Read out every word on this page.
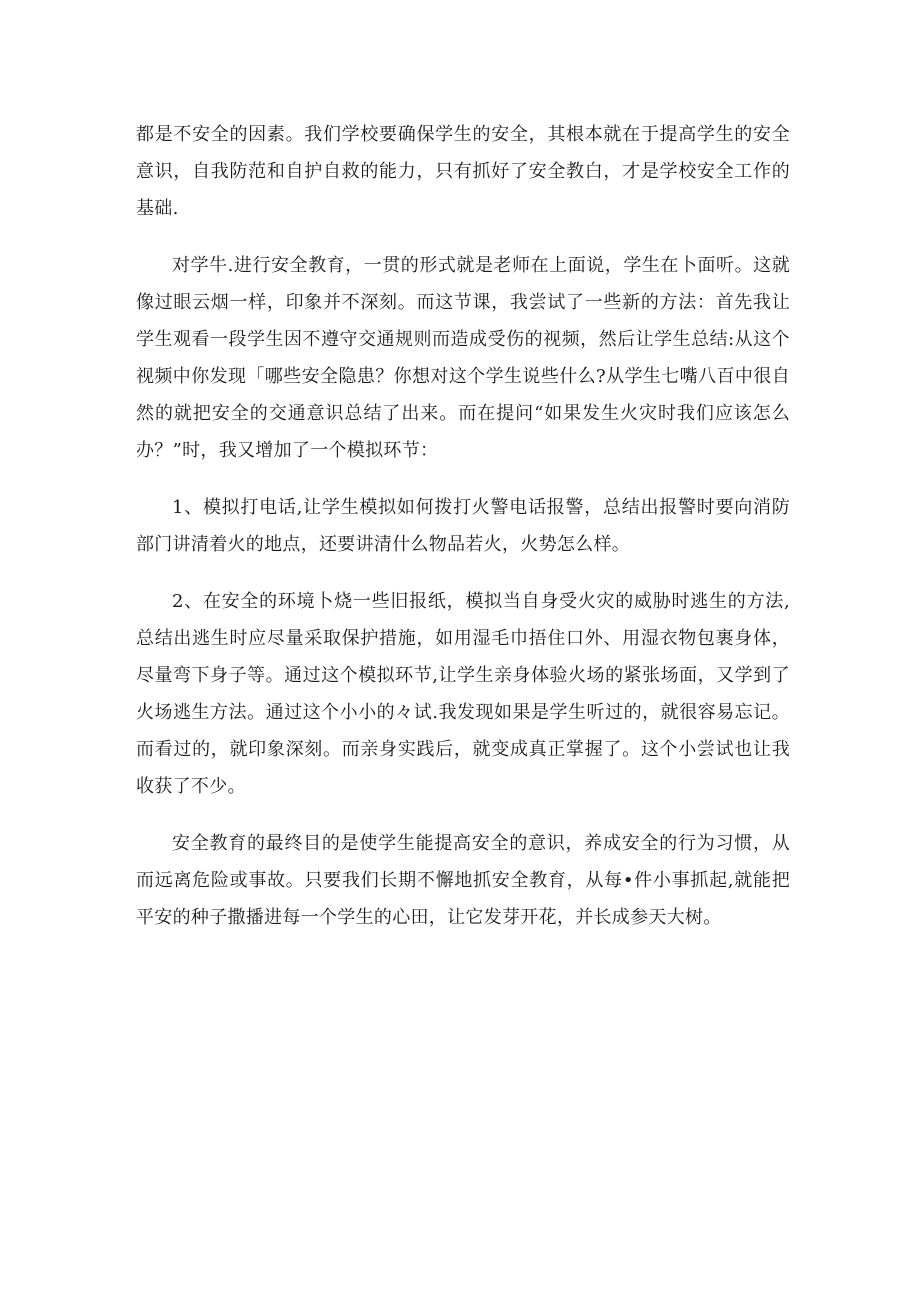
都是不安全的因素。我们学校要确保学生的安全，其根本就在于提高学生的安全意识，自我防范和自护自救的能力，只有抓好了安全教白，才是学校安全工作的基础.

对学牛.进行安全教育，一贯的形式就是老师在上面说，学生在卜面听。这就像过眼云烟一样，印象并不深刻。而这节课，我尝试了一些新的方法：首先我让学生观看一段学生因不遵守交通规则而造成受伤的视频，然后让学生总结:从这个视频中你发现「哪些安全隐患？你想对这个学生说些什么?从学生七嘴八百中很自然的就把安全的交通意识总结了出来。而在提问“如果发生火灾时我们应该怎么办？”时，我又增加了一个模拟环节：

1、模拟打电话,让学生模拟如何拨打火警电话报警，总结出报警时要向消防部门讲清着火的地点，还要讲清什么物品若火，火势怎么样。

2、在安全的环境卜烧一些旧报纸，模拟当自身受火灾的威胁时逃生的方法,总结出逃生时应尽量采取保护措施，如用湿毛巾捂住口外、用湿衣物包裹身体，尽量弯下身子等。通过这个模拟环节,让学生亲身体验火场的紧张场面，又学到了火场逃生方法。通过这个小小的々试.我发现如果是学生听过的，就很容易忘记。而看过的，就印象深刻。而亲身实践后，就变成真正掌握了。这个小尝试也让我收获了不少。

安全教育的最终目的是使学生能提高安全的意识，养成安全的行为习惯，从而远离危险或事故。只要我们长期不懈地抓安全教育，从每•件小事抓起,就能把平安的种子撒播进每一个学生的心田，让它发芽开花，并长成参天大树。
